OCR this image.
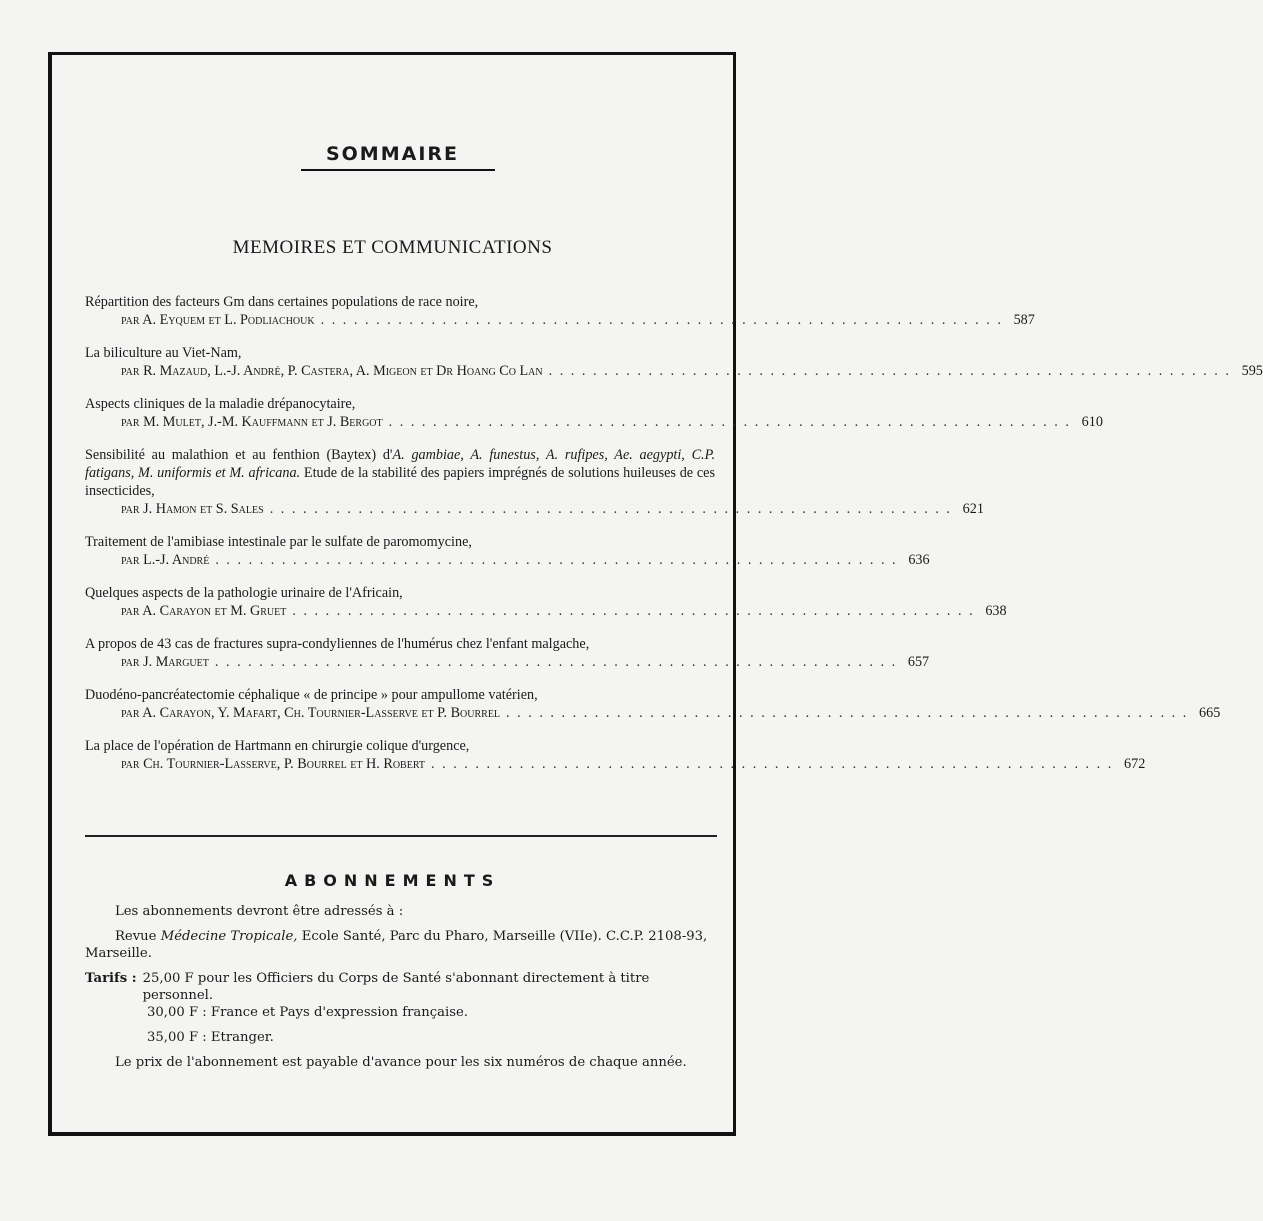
SOMMAIRE
MEMOIRES ET COMMUNICATIONS
Répartition des facteurs Gm dans certaines populations de race noire,
par A. Eyquem et L. Podliachouk . . . . . . . . . . . . . . . . . . . . . . . . . . . . . . . . . . . . . . . . . . . . . . . . . . . . . . . . . . . . . . 587
La biliculture au Viet-Nam,
par R. Mazaud, L.-J. André, P. Castera, A. Migeon et Dr Hoang Co Lan . . . . . . . . . . . . . . . . . . . . . . . . . . . . . . . . . . . . . . . . . . . . . . . . . . . . . . . . . . . . . . 595
Aspects cliniques de la maladie drépanocytaire,
par M. Mulet, J.-M. Kauffmann et J. Bergot . . . . . . . . . . . . . . . . . . . . . . . . . . . . . . . . . . . . . . . . . . . . . . . . . . . . . . . . . . . . . . 610
Sensibilité au malathion et au fenthion (Baytex) d'A. gambiae, A. funestus, A. rufipes, Ae. aegypti, C.P. fatigans, M. uniformis et M. africana. Etude de la stabilité des papiers imprégnés de solutions huileuses de ces insecticides,
par J. Hamon et S. Sales . . . . . . . . . . . . . . . . . . . . . . . . . . . . . . . . . . . . . . . . . . . . . . . . . . . . . . . . . . . . . . 621
Traitement de l'amibiase intestinale par le sulfate de paromomycine,
par L.-J. André . . . . . . . . . . . . . . . . . . . . . . . . . . . . . . . . . . . . . . . . . . . . . . . . . . . . . . . . . . . . . . 636
Quelques aspects de la pathologie urinaire de l'Africain,
par A. Carayon et M. Gruet . . . . . . . . . . . . . . . . . . . . . . . . . . . . . . . . . . . . . . . . . . . . . . . . . . . . . . . . . . . . . . 638
A propos de 43 cas de fractures supra-condyliennes de l'humérus chez l'enfant malgache,
par J. Marguet . . . . . . . . . . . . . . . . . . . . . . . . . . . . . . . . . . . . . . . . . . . . . . . . . . . . . . . . . . . . . . 657
Duodéno-pancréatectomie céphalique « de principe » pour ampullome vatérien,
par A. Carayon, Y. Mafart, Ch. Tournier-Lasserve et P. Bourrel . . . . . . . . . . . . . . . . . . . . . . . . . . . . . . . . . . . . . . . . . . . . . . . . . . . . . . . . . . . . . . 665
La place de l'opération de Hartmann en chirurgie colique d'urgence,
par Ch. Tournier-Lasserve, P. Bourrel et H. Robert . . . . . . . . . . . . . . . . . . . . . . . . . . . . . . . . . . . . . . . . . . . . . . . . . . . . . . . . . . . . . . 672
ABONNEMENTS

Les abonnements devront être adressés à :

Revue Médecine Tropicale, Ecole Santé, Parc du Pharo, Marseille (VIIe). C.C.P. 2108-93, Marseille.

Tarifs : 25,00 F pour les Officiers du Corps de Santé s'abonnant directement à titre personnel.

30,00 F : France et Pays d'expression française.

35,00 F : Etranger.

Le prix de l'abonnement est payable d'avance pour les six numéros de chaque année.
